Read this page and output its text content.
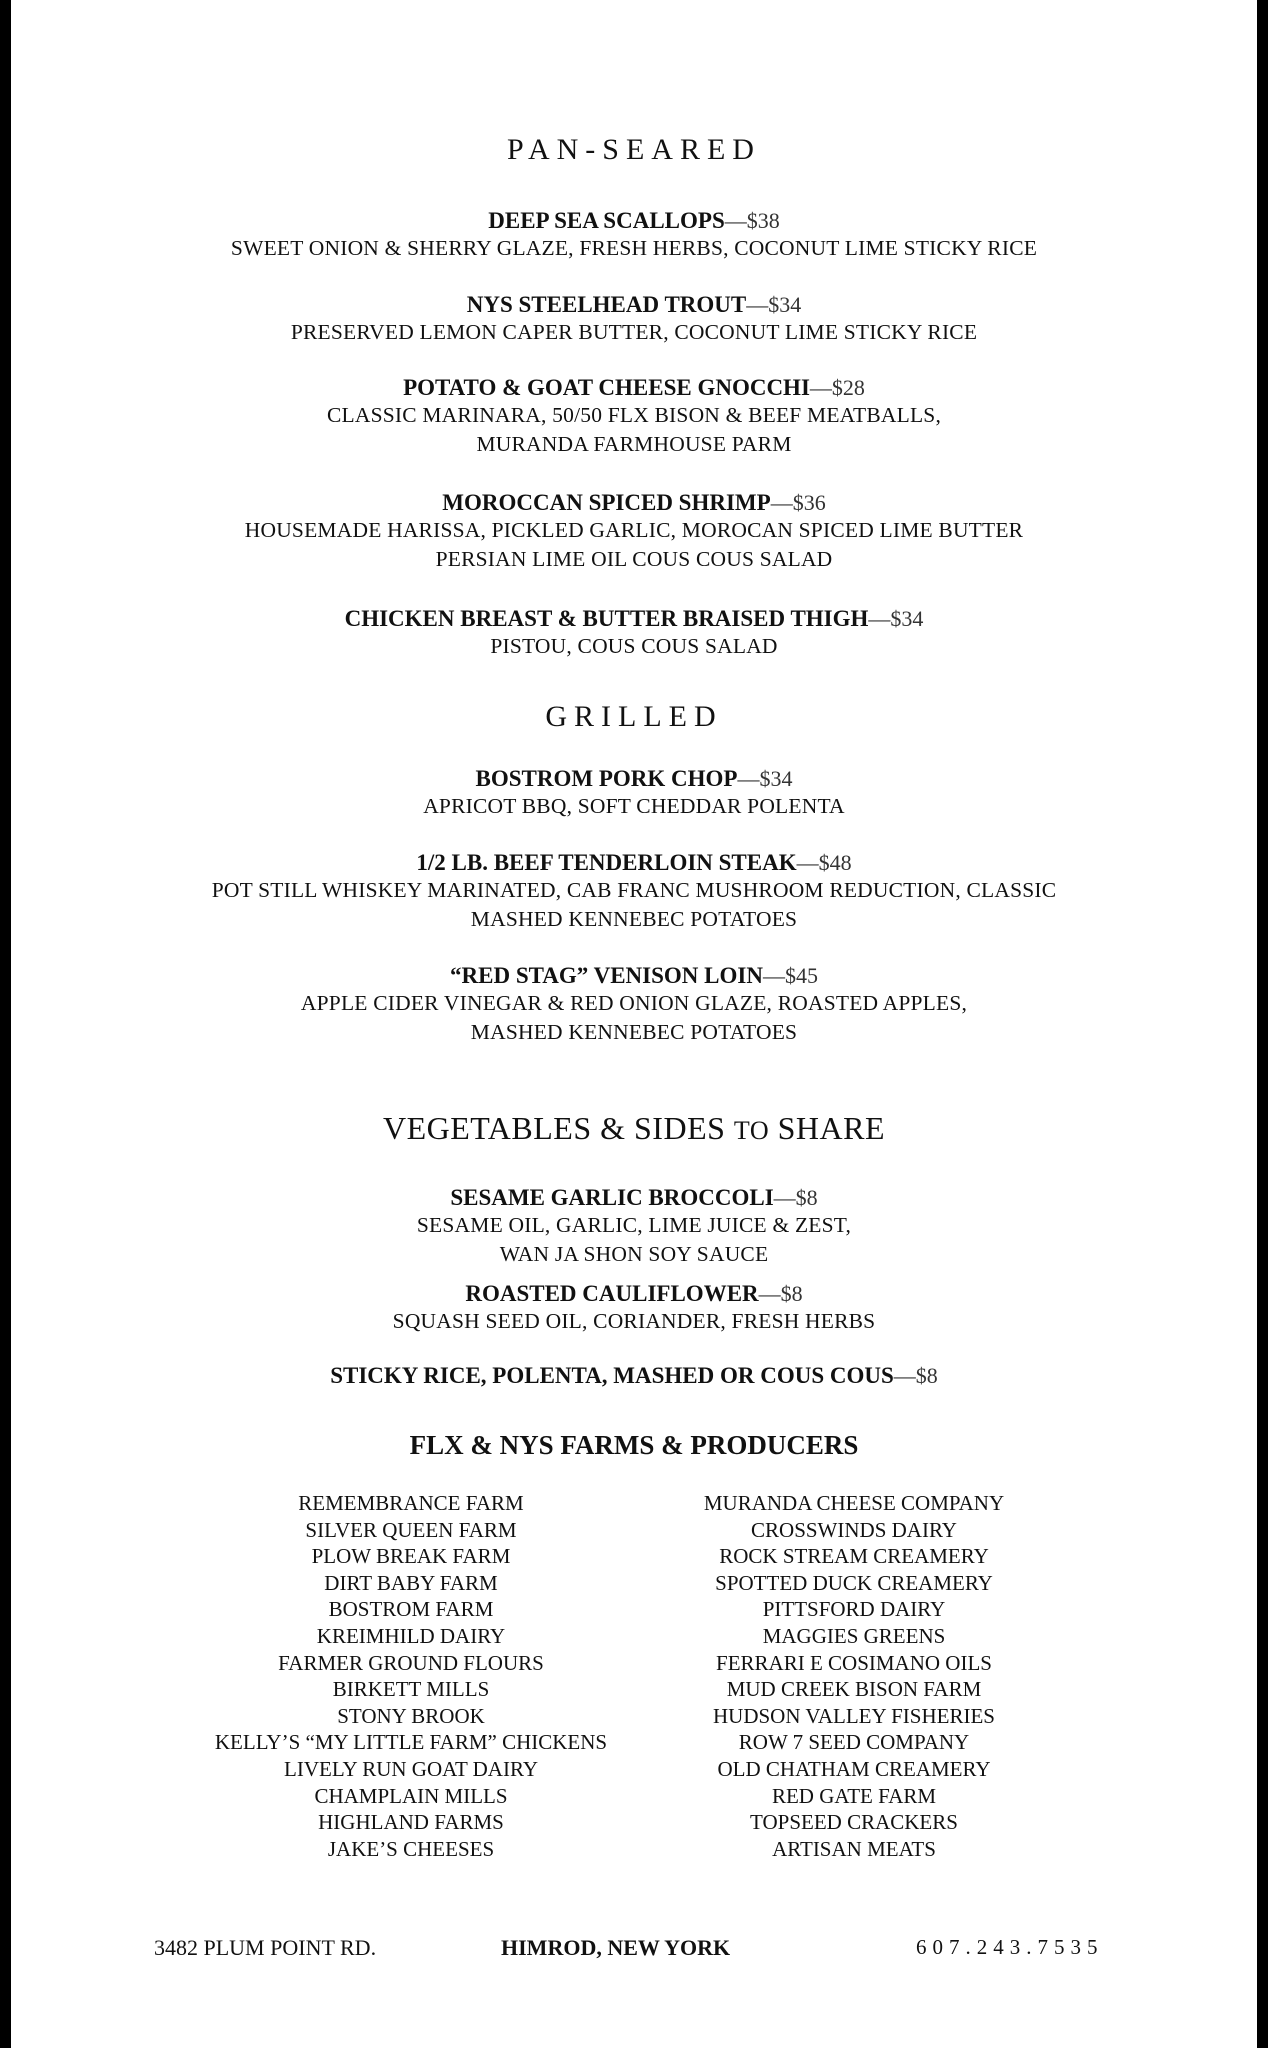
PAN-SEARED
DEEP SEA SCALLOPS—$38
SWEET ONION & SHERRY GLAZE, FRESH HERBS, COCONUT LIME STICKY RICE
NYS STEELHEAD TROUT—$34
PRESERVED LEMON CAPER BUTTER, COCONUT LIME STICKY RICE
POTATO & GOAT CHEESE GNOCCHI—$28
CLASSIC MARINARA, 50/50 FLX BISON & BEEF MEATBALLS,
MURANDA FARMHOUSE PARM
MOROCCAN SPICED SHRIMP—$36
HOUSEMADE HARISSA, PICKLED GARLIC, MOROCAN SPICED LIME BUTTER
PERSIAN LIME OIL COUS COUS SALAD
CHICKEN BREAST & BUTTER BRAISED THIGH—$34
PISTOU, COUS COUS SALAD
GRILLED
BOSTROM PORK CHOP—$34
APRICOT BBQ, SOFT CHEDDAR POLENTA
1/2 LB. BEEF TENDERLOIN STEAK—$48
POT STILL WHISKEY MARINATED, CAB FRANC MUSHROOM REDUCTION, CLASSIC
MASHED KENNEBEC POTATOES
“RED STAG” VENISON LOIN—$45
APPLE CIDER VINEGAR & RED ONION GLAZE, ROASTED APPLES,
MASHED KENNEBEC POTATOES
VEGETABLES & SIDES TO SHARE
SESAME GARLIC BROCCOLI—$8
SESAME OIL, GARLIC, LIME JUICE & ZEST,
WAN JA SHON SOY SAUCE
ROASTED CAULIFLOWER—$8
SQUASH SEED OIL, CORIANDER, FRESH HERBS
STICKY RICE, POLENTA, MASHED OR COUS COUS—$8
FLX & NYS FARMS & PRODUCERS
REMEMBRANCE FARM
SILVER QUEEN FARM
PLOW BREAK FARM
DIRT BABY FARM
BOSTROM FARM
KREIMHILD DAIRY
FARMER GROUND FLOURS
BIRKETT MILLS
STONY BROOK
KELLY’S “MY LITTLE FARM” CHICKENS
LIVELY RUN GOAT DAIRY
CHAMPLAIN MILLS
HIGHLAND FARMS
JAKE’S CHEESES
MURANDA CHEESE COMPANY
CROSSWINDS DAIRY
ROCK STREAM CREAMERY
SPOTTED DUCK CREAMERY
PITTSFORD DAIRY
MAGGIES GREENS
FERRARI E COSIMANO OILS
MUD CREEK BISON FARM
HUDSON VALLEY FISHERIES
ROW 7 SEED COMPANY
OLD CHATHAM CREAMERY
RED GATE FARM
TOPSEED CRACKERS
ARTISAN MEATS
3482 PLUM POINT RD.	HIMROD, NEW YORK	607.243.7535
